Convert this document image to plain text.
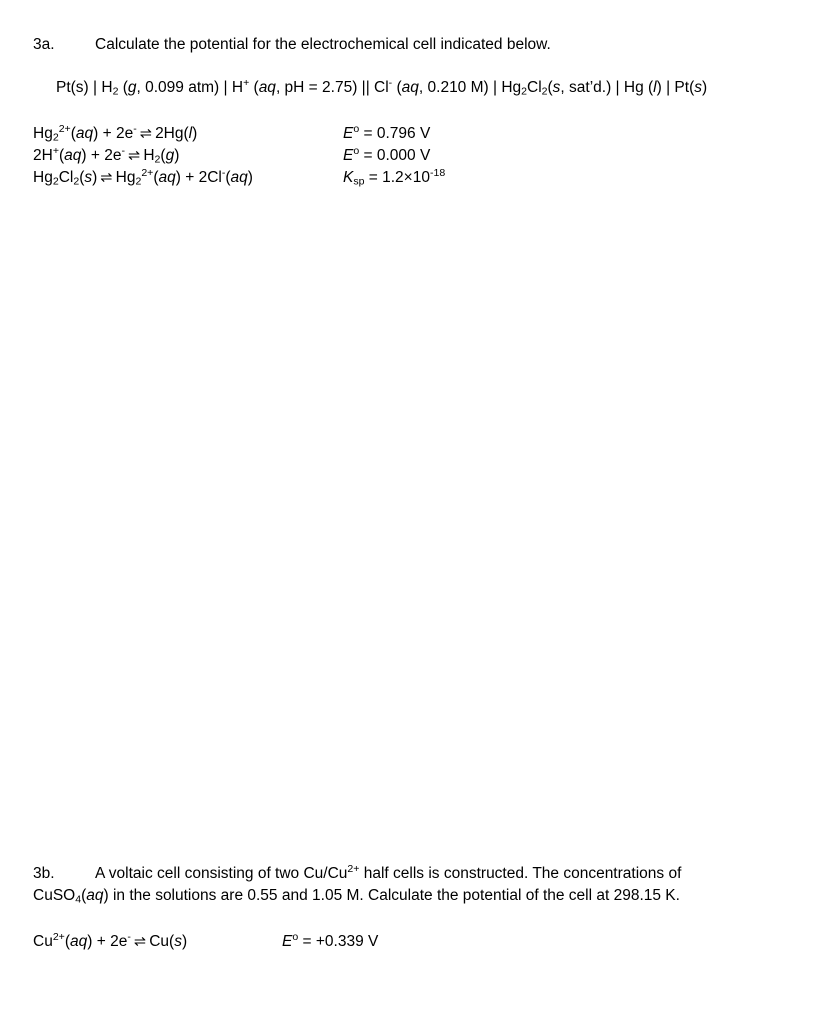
3a.	Calculate the potential for the electrochemical cell indicated below.
Pt(s) | $H_2$ (g, 0.099 atm) | H+ (aq, pH = 2.75) || Cl- (aq, 0.210 M) | $Hg_2Cl_2(s$, sat’d.) | Hg (l) | Pt(s)
$Hg_2^{2+}(aq) + 2e^-$ ⇌ 2Hg(l)	$E^o = 0.796$ V
2H+(aq) + 2e- ⇌ $H_2(g)$	$E^o = 0.000$ V
$Hg_2Cl_2(s)$ ⇌ $Hg_2^{2+}(aq) + 2Cl^-(aq)$	$K_{sp} = 1.2\times 10^{-18}$
3b.	A voltaic cell consisting of two $Cu/Cu^{2+}$ half cells is constructed. The concentrations of
CuSO$_4$(aq) in the solutions are 0.55 and 1.05 M. Calculate the potential of the cell at 298.15 K.
$Cu^{2+}(aq) + 2e^-$ ⇌ Cu(s)	$E^o = +0.339$ V
